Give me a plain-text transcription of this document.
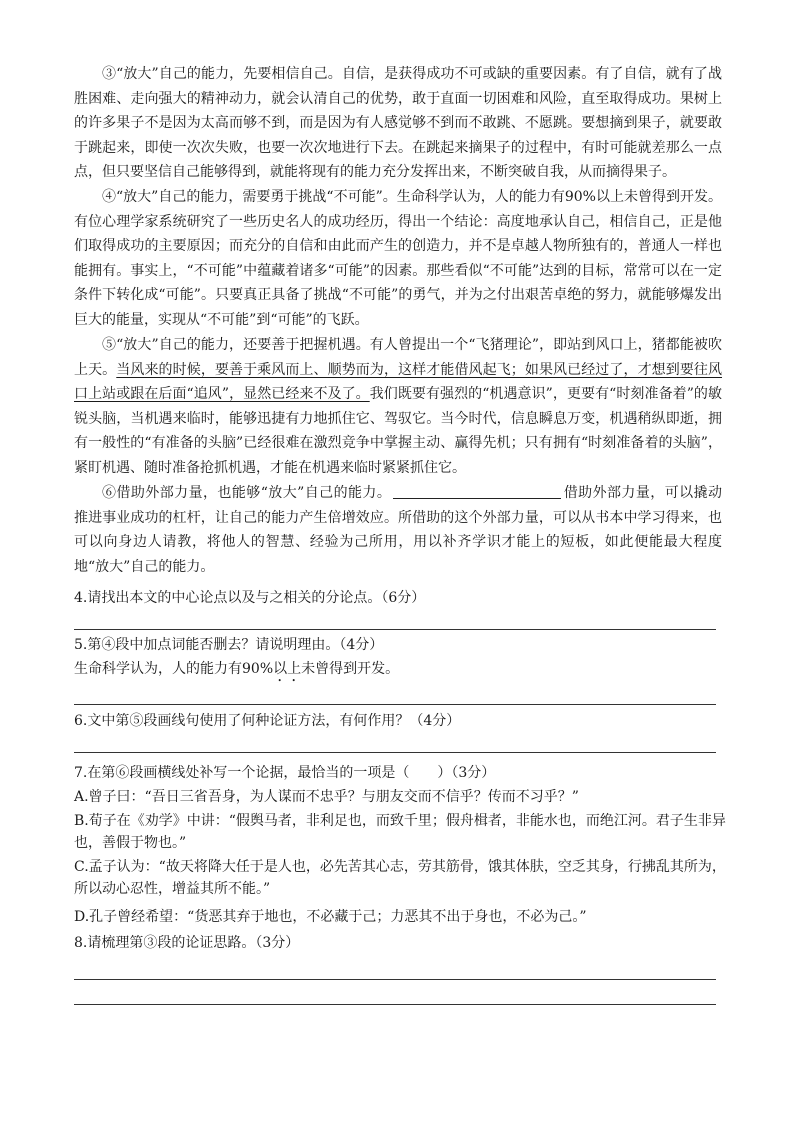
③“放大”自己的能力，先要相信自己。自信，是获得成功不可或缺的重要因素。有了自信，就有了战胜困难、走向强大的精神动力，就会认清自己的优势，敢于直面一切困难和风险，直至取得成功。果树上的许多果子不是因为太高而够不到，而是因为有人感觉够不到而不敢跳、不愿跳。要想摘到果子，就要敢于跳起来，即使一次次失败，也要一次次地进行下去。在跳起来摘果子的过程中，有时可能就差那么一点点，但只要坚信自己能够得到，就能将现有的能力充分发挥出来，不断突破自我，从而摘得果子。

④“放大”自己的能力，需要勇于挑战“不可能”。生命科学认为，人的能力有90%以上未曾得到开发。有位心理学家系统研究了一些历史名人的成功经历，得出一个结论：高度地承认自己，相信自己，正是他们取得成功的主要原因；而充分的自信和由此而产生的创造力，并不是卓越人物所独有的，普通人一样也能拥有。事实上，“不可能”中蕴藏着诸多“可能”的因素。那些看似“不可能”达到的目标，常常可以在一定条件下转化成“可能”。只要真正具备了挑战“不可能”的勇气，并为之付出艰苦卓绝的努力，就能够爆发出巨大的能量，实现从“不可能”到“可能”的飞跃。

⑤“放大”自己的能力，还要善于把握机遇。有人曾提出一个“飞猪理论”，即站到风口上，猪都能被吹上天。当风来的时候，要善于乘风而上、顺势而为，这样才能借风起飞；如果风已经过了，才想到要往风口上站或跟在后面“追风”，显然已经来不及了。我们既要有强烈的“机遇意识”，更要有“时刻准备着”的敏锐头脑，当机遇来临时，能够迅捷有力地抓住它、驾驭它。当今时代，信息瞬息万变，机遇稍纵即逝，拥有一般性的“有准备的头脑”已经很难在激烈竞争中掌握主动、赢得先机；只有拥有“时刻准备着的头脑”，紧盯机遇、随时准备抢抓机遇，才能在机遇来临时紧紧抓住它。

⑥借助外部力量，也能够“放大”自己的能力。	借助外部力量，可以撬动推进事业成功的杠杆，让自己的能力产生倍增效应。所借助的这个外部力量，可以从书本中学习得来，也可以向身边人请教，将他人的智慧、经验为己所用，用以补齐学识才能上的短板，如此便能最大程度地“放大”自己的能力。

4.请找出本文的中心论点以及与之相关的分论点。（6分）

5.第④段中加点词能否删去？请说明理由。（4分）

生命科学认为，人的能力有90%以上未曾得到开发。

6.文中第⑤段画线句使用了何种论证方法，有何作用？（4分）

7.在第⑥段画横线处补写一个论据，最恰当的一项是（　　）（3分）

A.曾子曰：“吾日三省吾身，为人谋而不忠乎？与朋友交而不信乎？传而不习乎？”

B.荀子在《劝学》中讲：“假舆马者，非利足也，而致千里；假舟楫者，非能水也，而绝江河。君子生非异也，善假于物也。”

C.孟子认为：“故天将降大任于是人也，必先苦其心志，劳其筋骨，饿其体肤，空乏其身，行拂乱其所为，所以动心忍性，增益其所不能。”

D.孔子曾经希望：“货恶其弃于地也，不必藏于己；力恶其不出于身也，不必为己。”

8.请梳理第③段的论证思路。（3分）
